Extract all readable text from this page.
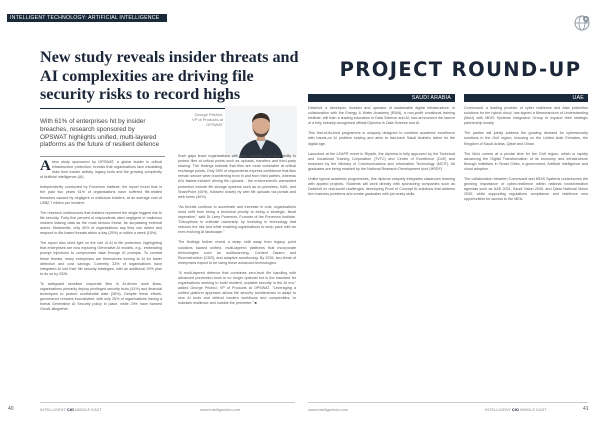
INTELLIGENT TECHNOLOGY: ARTIFICIAL INTELLIGENCE
New study reveals insider threats and AI complexities are driving file security risks to record highs
With 61% of enterprises hit by insider breaches, research sponsored by OPSWAT highlights unified, multi-layered platforms as the future of resilient defence

Anew study sponsored by OPSWAT, a global leader in critical infrastructure protection, reveals that organisations face escalating risks from insider activity, legacy tools and the growing complexity of Artificial Intelligence (AI).

Independently conducted by Ponemon Institute, the report found that in the past two years 61% of organisations have suffered file-related breaches caused by negligent or malicious insiders, at an average cost of US$2.7 million per incident.

The research underscores that insiders represent the single biggest risk to file security. Forty-five percent of respondents cited negligent or malicious insiders leaking data as the most serious threat, far surpassing external actors. Meanwhile, only 40% of organisations say they can detect and respond to file-based threats within a day (25%) or within a week (15%).

The report also shed light on the role of AI in file protection, highlighting that enterprises are now exploring Generative AI models, e.g., embedding prompt injections to compromise data through AI prompts. To combat these threats, many enterprises are themselves turning to AI for faster detection and cost savings. Currently 33% of organisations have integrated AI into their file security strategies, with an additional 29% plan to do so by 2026.

To safeguard sensitive corporate files in AI-driven work flows, organisations primarily deploy privileged security tools (41%) and financial techniques to protect confidential data (38%). Despite these efforts, governance remains inconsistent, with only 25% of organisations having a formal Generative AI Security policy in place, while 29% have banned GenAI altogether.

George Prichici, VP of Products at OPSWAT

Such gaps leave organisations with poor confidence in their ability to protect files at critical points such as uploads, transfers and third-party sharing. The findings indicate that files are most vulnerable at critical exchange points. Only 39% of respondents express confidence that files remain secure when transferring from in and from third parties, whereas AI's fastest-incident driving file uploads - the environment's warrantied protection include file storage systems such as on-premises, NAS, and SharePoint (40%), followed closely by web file uploads via portals and web forms (40%).

"As threats continue to accelerate and increase in cost, organisations must shift from being a technical priority to being a strategic, fiscal imperative," said Dr Larry Ponemon, Founder of the Ponemon Institute. "Disruptions in cultivate ownership by investing in technology that reduces the risk and while enabling organisations to keep pace with an ever-evolving AI landscape."

The findings further reveal a sharp shift away from legacy, point solutions toward unified, multi-layered platforms that incorporate technologies such as multiscanning, Content Disarm and Reconstruction (CDR), and adaptive sandboxing. By 2026, two-thirds of enterprises expect to be using these advanced technologies.

"A multi-layered defence that combines zero-trust file handling with advanced prevention tools is no longer optional but is the standard for organisations seeking to build resilient, scalable security in the AI era," added George Prichici, VP of Products at OPSWAT. "Leveraging a unified platform approach allows file security architectures to adapt to new AI tools and defend modern workflows and complexities, to maintain resilience and outside the perimeter." ■

40	INTELLIGENT CIO MIDDLE EAST	www.intelligentcio.com
PROJECT ROUND-UP
SAUDI ARABIA	UAE

DataVolt, a developer, investor and operator of sustainable digital infrastructure, in collaboration with the Energy & Water Academy (EWA), a non-profit vocational training institute, will train a leading education in Data Science and AI, has announced the launch of a fully industry-recognised official Diploma in Data Science and AI.

This first-of-its-kind programme is uniquely designed to combine academic excellence with hands-on AI problem solving and aims to fast-track Saudi Arabia's talent for the digital age.

Launched at the LEAP® event in Riyadh, the diploma is fully approved by the Technical and Vocational Training Corporation (TVTC) and Centre of Excellence (CoE) and endorsed by the Ministry of Communications and Information Technology (MCIT). All graduates are being enabled by the National Research Development fund (HRDF).

Unlike typical academic programmes, this diploma uniquely integrates classroom learning with applied projects. Students will work directly with sponsoring companies such as DataVolt on real-world challenges, developing Proof of Concept AI solutions that address live business problems and create graduates with job-ready skills.

Commvault, a leading provider of cyber resilience and data protection solutions for the hybrid cloud, has signed a Memorandum of Understanding (MoU) with MDIS Systems Integration Group to expand their strategic partnership locally.

The parties will jointly address the growing demand for cybersecurity solutions in the Gulf region, focusing on the United Arab Emirates, the Kingdom of Saudi Arabia, Qatar and Oman.

The MoU comes at a pivotal time for the Gulf region, which is rapidly advancing the Digital Transformation of its economy and infrastructure through initiatives in Smart Cities, e-government, Artificial Intelligence and cloud adoption.

The collaboration between Commvault and MDIS Systems underscores the growing importance of cyber-resilience within national transformation agendas such as UAE 2031, Saudi Vision 2030, and Qatar National Vision 2030, while supporting regulations compliance and resilience new opportunities for access to the MEA.

www.intelligentcio.com	INTELLIGENT CIO MIDDLE EAST	41
